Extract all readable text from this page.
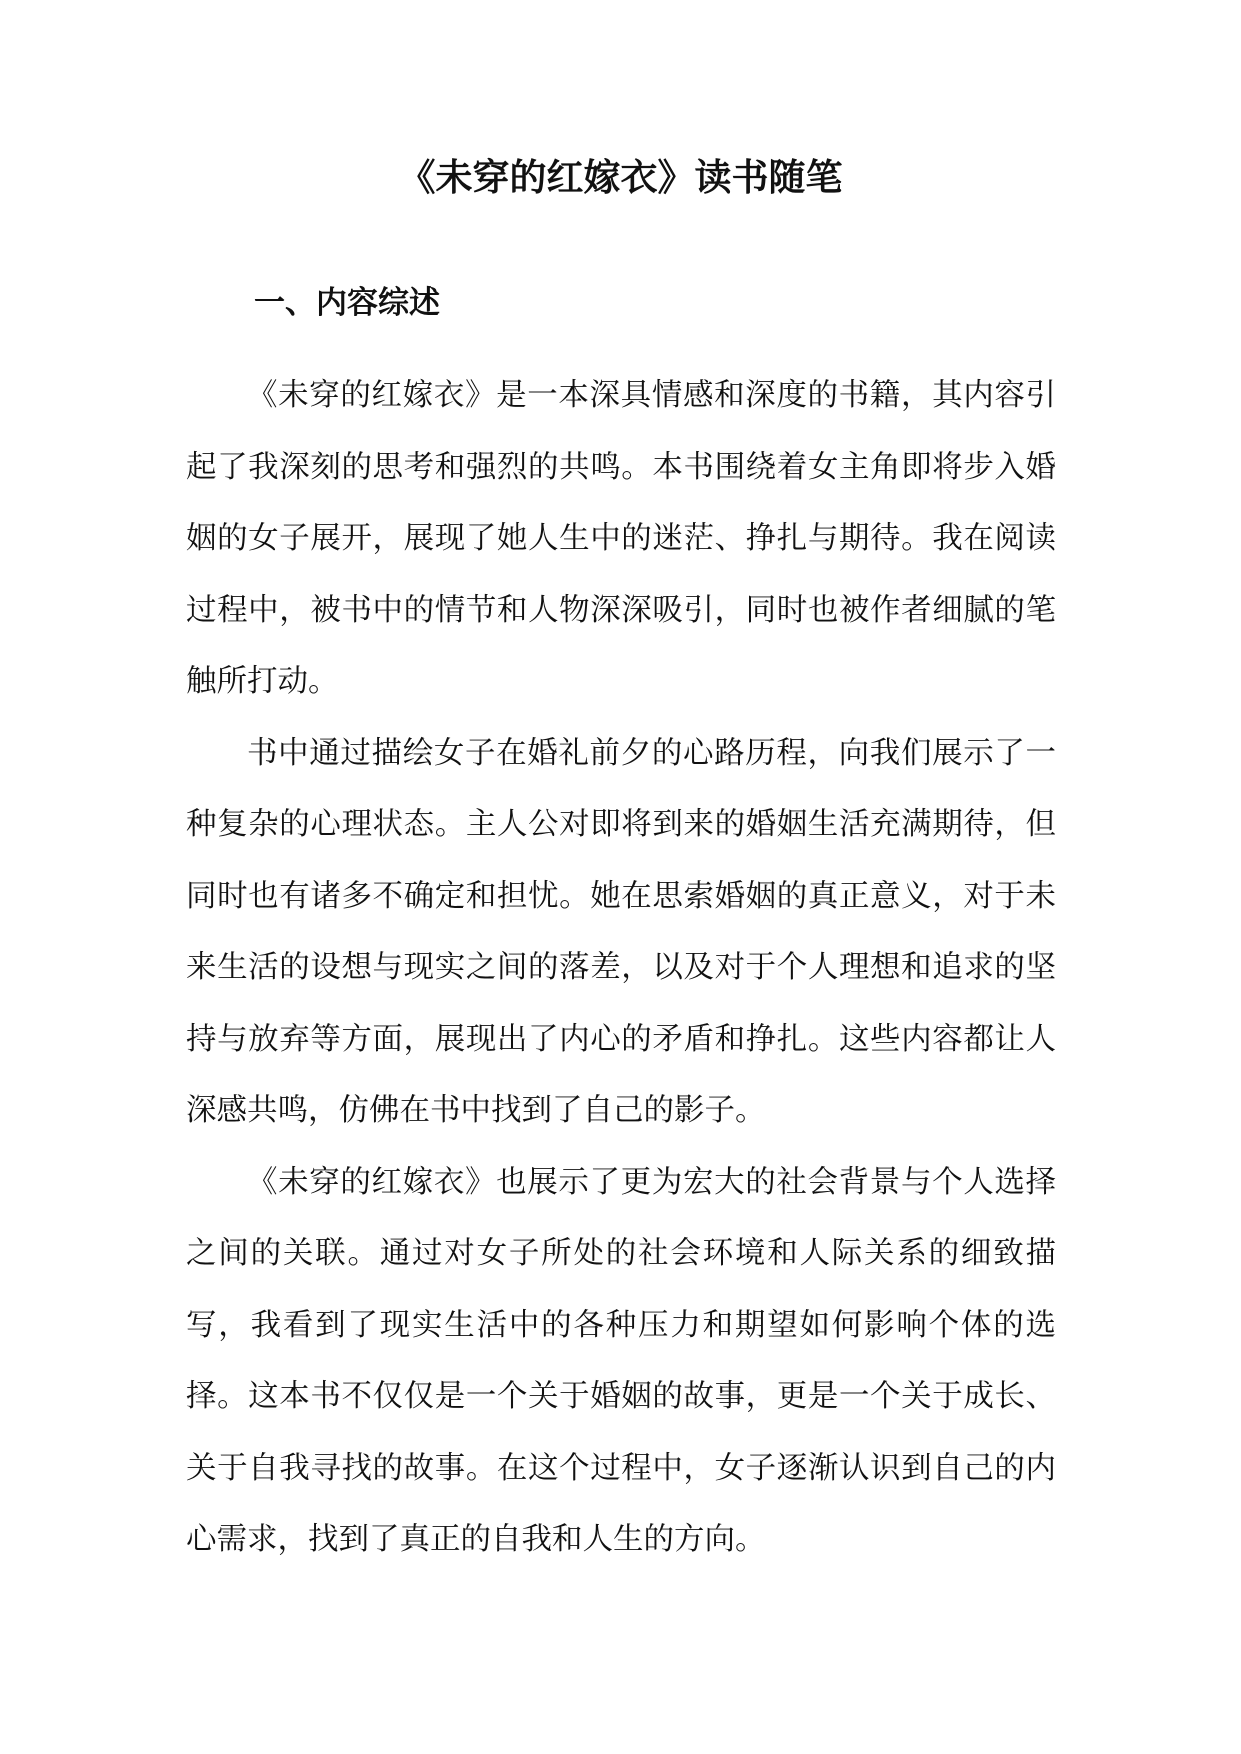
《未穿的红嫁衣》读书随笔
一、内容综述

《未穿的红嫁衣》是一本深具情感和深度的书籍，其内容引起了我深刻的思考和强烈的共鸣。本书围绕着女主角即将步入婚姻的女子展开，展现了她人生中的迷茫、挣扎与期待。我在阅读过程中，被书中的情节和人物深深吸引，同时也被作者细腻的笔触所打动。

书中通过描绘女子在婚礼前夕的心路历程，向我们展示了一种复杂的心理状态。主人公对即将到来的婚姻生活充满期待，但同时也有诸多不确定和担忧。她在思索婚姻的真正意义，对于未来生活的设想与现实之间的落差，以及对于个人理想和追求的坚持与放弃等方面，展现出了内心的矛盾和挣扎。这些内容都让人深感共鸣，仿佛在书中找到了自己的影子。

《未穿的红嫁衣》也展示了更为宏大的社会背景与个人选择之间的关联。通过对女子所处的社会环境和人际关系的细致描写，我看到了现实生活中的各种压力和期望如何影响个体的选择。这本书不仅仅是一个关于婚姻的故事，更是一个关于成长、关于自我寻找的故事。在这个过程中，女子逐渐认识到自己的内心需求，找到了真正的自我和人生的方向。
